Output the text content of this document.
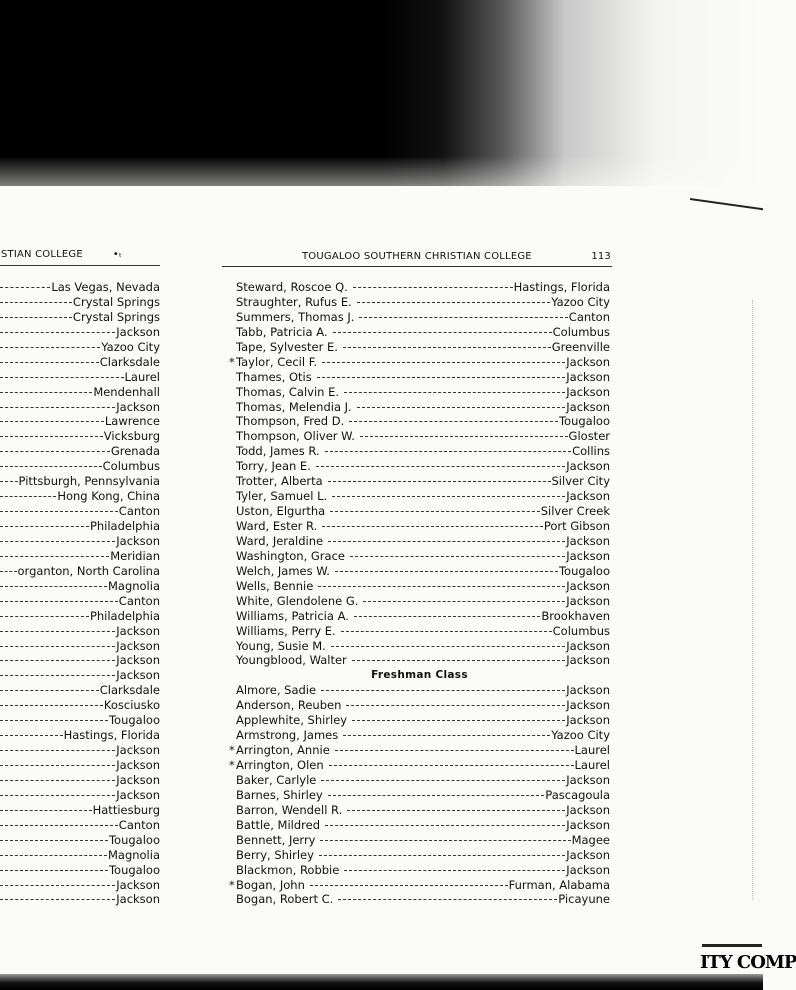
STIAN COLLEGE	•ₜ
Las Vegas, Nevada
Crystal Springs
Crystal Springs
Jackson
Yazoo City
Clarksdale
Laurel
Mendenhall
Jackson
Lawrence
Vicksburg
Grenada
Columbus
Pittsburgh, Pennsylvania
Hong Kong, China
Canton
Philadelphia
Jackson
Meridian
organton, North Carolina
Magnolia
Canton
Philadelphia
Jackson
Jackson
Jackson
Jackson
Clarksdale
Kosciusko
Tougaloo
Hastings, Florida
Jackson
Jackson
Jackson
Jackson
Hattiesburg
Canton
Tougaloo
Magnolia
Tougaloo
Jackson
Jackson
TOUGALOO SOUTHERN CHRISTIAN COLLEGE	113
Steward, Roscoe Q.	Hastings, Florida
Straughter, Rufus E.	Yazoo City
Summers, Thomas J.	Canton
Tabb, Patricia A.	Columbus
Tape, Sylvester E.	Greenville
* Taylor, Cecil F.	Jackson
Thames, Otis	Jackson
Thomas, Calvin E.	Jackson
Thomas, Melendia J.	Jackson
Thompson, Fred D.	Tougaloo
Thompson, Oliver W.	Gloster
Todd, James R.	Collins
Torry, Jean E.	Jackson
Trotter, Alberta	Silver City
Tyler, Samuel L.	Jackson
Uston, Elgurtha	Silver Creek
Ward, Ester R.	Port Gibson
Ward, Jeraldine	Jackson
Washington, Grace	Jackson
Welch, James W.	Tougaloo
Wells, Bennie	Jackson
White, Glendolene G.	Jackson
Williams, Patricia A.	Brookhaven
Williams, Perry E.	Columbus
Young, Susie M.	Jackson
Youngblood, Walter	Jackson
Freshman Class
Almore, Sadie	Jackson
Anderson, Reuben	Jackson
Applewhite, Shirley	Jackson
Armstrong, James	Yazoo City
* Arrington, Annie	Laurel
* Arrington, Olen	Laurel
Baker, Carlyle	Jackson
Barnes, Shirley	Pascagoula
Barron, Wendell R.	Jackson
Battle, Mildred	Jackson
Bennett, Jerry	Magee
Berry, Shirley	Jackson
Blackmon, Robbie	Jackson
* Bogan, John	Furman, Alabama
Bogan, Robert C.	Picayune
ITY COMP
